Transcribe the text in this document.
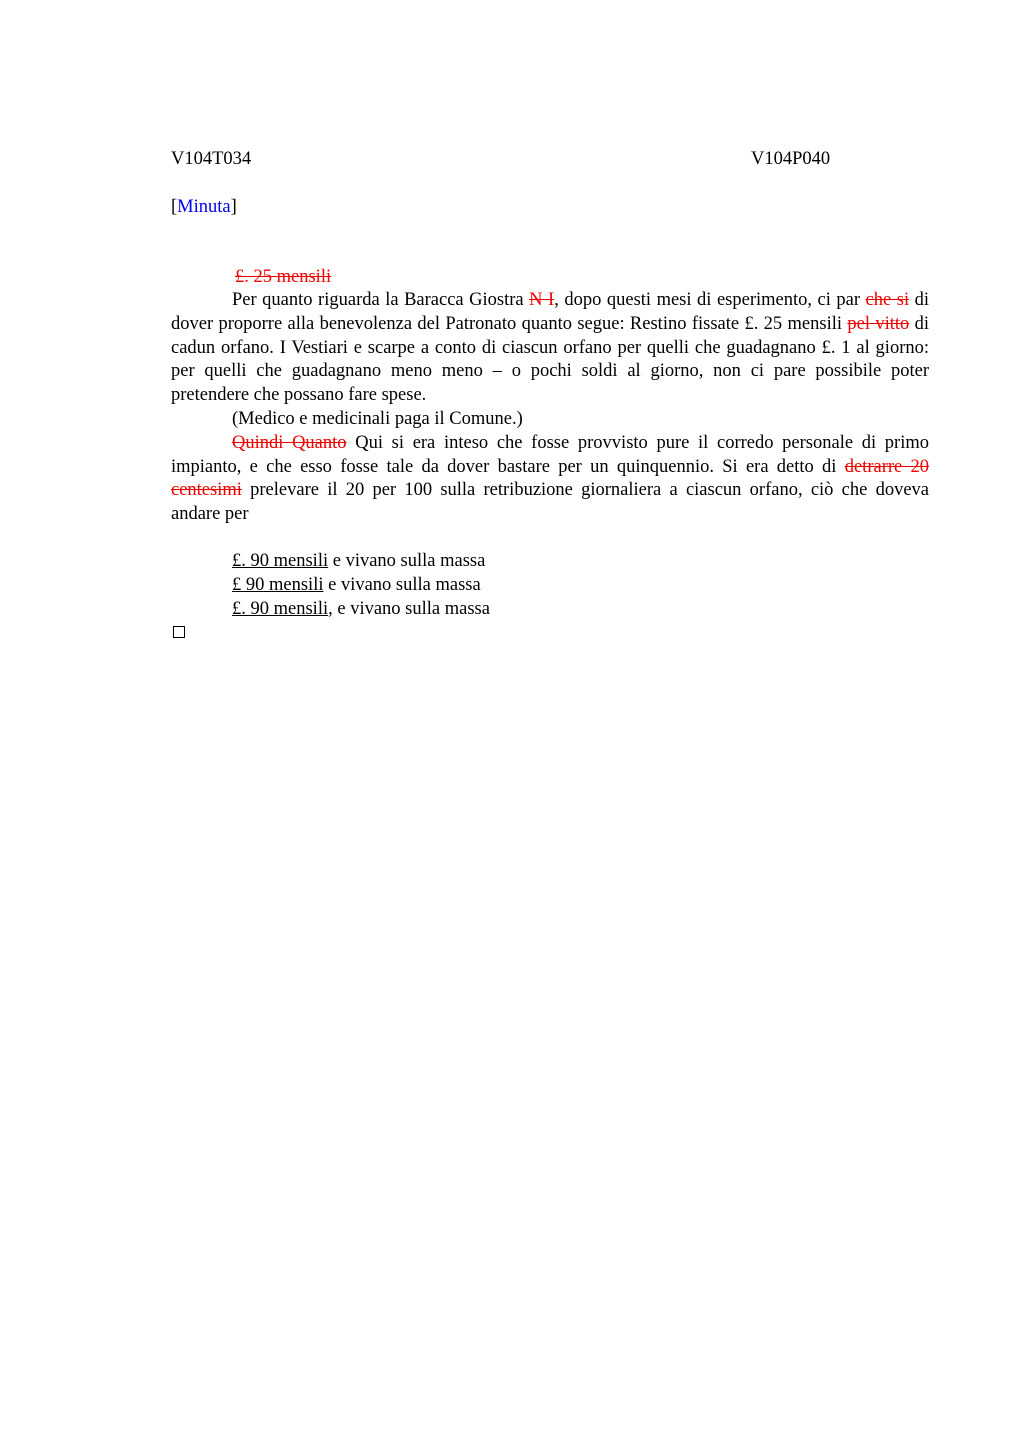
V104T034	V104P040
[Minuta]
£. 25 mensili

Per quanto riguarda la Baracca Giostra N I, dopo questi mesi di esperimento, ci par che si di dover proporre alla benevolenza del Patronato quanto segue: Restino fissate £. 25 mensili pel vitto di cadun orfano. I Vestiari e scarpe a conto di ciascun orfano per quelli che guadagnano £. 1 al giorno: per quelli che guadagnano meno meno – o pochi soldi al giorno, non ci pare possibile poter pretendere che possano fare spese.

(Medico e medicinali paga il Comune.)

Quindi Quanto Qui si era inteso che fosse provvisto pure il corredo personale di primo impianto, e che esso fosse tale da dover bastare per un quinquennio. Si era detto di detrarre 20 centesimi prelevare il 20 per 100 sulla retribuzione giornaliera a ciascun orfano, ciò che doveva andare per

£. 90 mensili e vivano sulla massa
£ 90 mensili e vivano sulla massa
£. 90 mensili, e vivano sulla massa
